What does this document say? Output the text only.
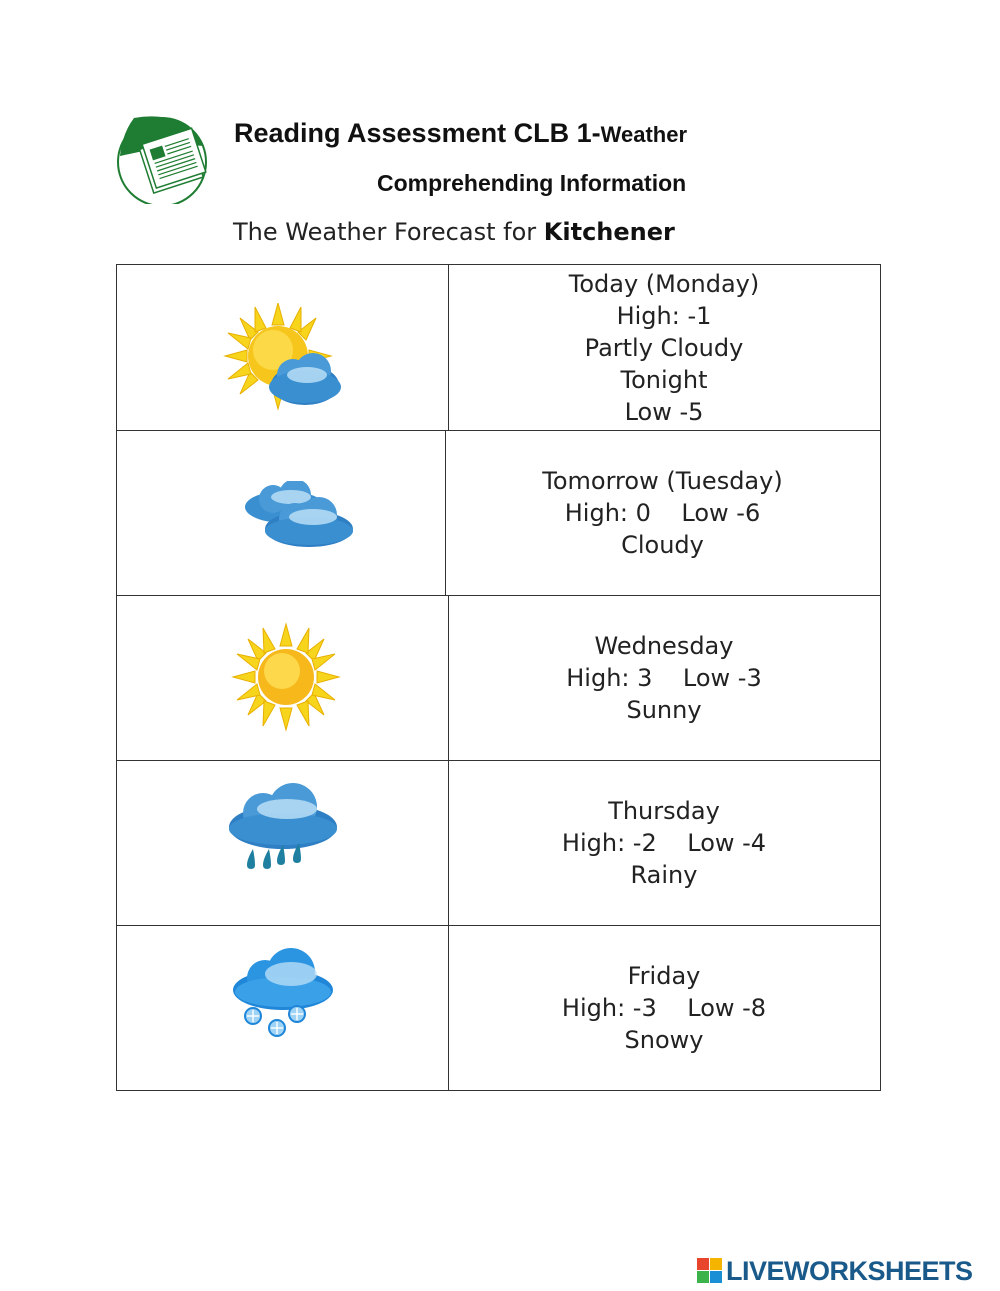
Reading Assessment CLB 1-Weather
Comprehending Information
The Weather Forecast for Kitchener
Today (Monday)
High: -1
Partly Cloudy
Tonight
Low -5
Tomorrow (Tuesday)
High: 0    Low -6
Cloudy
Wednesday
High: 3    Low -3
Sunny
Thursday
High: -2    Low -4
Rainy
Friday
High: -3    Low -8
Snowy
LIVEWORKSHEETS
